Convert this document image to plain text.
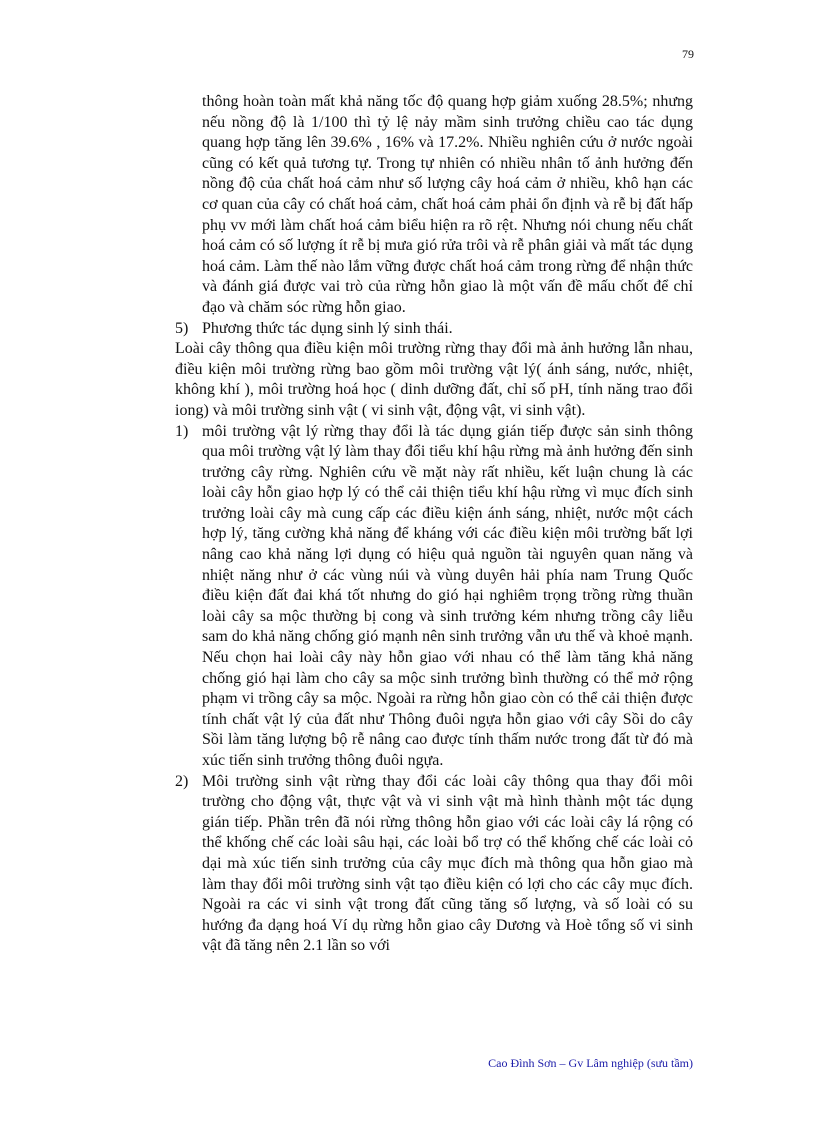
79

thông hoàn toàn mất khả năng tốc độ quang hợp giảm xuống 28.5%; nhưng nếu nồng độ là 1/100 thì tỷ lệ nảy mầm sinh trưởng chiều cao tác dụng quang hợp tăng lên 39.6% , 16% và 17.2%. Nhiều nghiên cứu ở nước ngoài cũng có kết quả tương tự. Trong tự nhiên có nhiều nhân tố ảnh hưởng đến nồng độ của chất hoá cảm như số lượng cây hoá cảm ở nhiều, khô hạn các cơ quan của cây có chất hoá cảm, chất hoá cảm phải ổn định và rễ bị đất hấp phụ vv mới làm chất hoá cảm biểu hiện ra rõ rệt. Nhưng nói chung nếu chất hoá cảm có số lượng ít rễ bị mưa gió rửa trôi và rễ phân giải và mất tác dụng hoá cảm. Làm thế nào lắm vững được chất hoá cảm trong rừng để nhận thức và đánh giá được vai trò của rừng hỗn giao là một vấn đề mấu chốt để chỉ đạo và chăm sóc rừng hỗn giao.

5) Phương thức tác dụng sinh lý sinh thái.

Loài cây thông qua điều kiện môi trường rừng thay đổi mà ảnh hưởng lẫn nhau, điều kiện môi trường rừng bao gồm môi trường vật lý( ánh sáng, nước, nhiệt, không khí ), môi trường hoá học ( dinh dưỡng đất, chỉ số pH, tính năng trao đổi iong) và môi trường sinh vật ( vi sinh vật, động vật, vi sinh vật).

1) môi trường vật lý rừng thay đổi là tác dụng gián tiếp được sản sinh thông qua môi trường vật lý làm thay đổi tiểu khí hậu rừng mà ảnh hưởng đến sinh trưởng cây rừng. Nghiên cứu về mặt này rất nhiều, kết luận chung là các loài cây hỗn giao hợp lý có thể cải thiện tiểu khí hậu rừng vì mục đích sinh trưởng loài cây mà cung cấp các điều kiện ánh sáng, nhiệt, nước một cách hợp lý, tăng cường khả năng để kháng với các điều kiện môi trường bất lợi nâng cao khả năng lợi dụng có hiệu quả nguồn tài nguyên quan năng và nhiệt năng như ở các vùng núi và vùng duyên hải phía nam Trung Quốc điều kiện đất đai khá tốt nhưng do gió hại nghiêm trọng trồng rừng thuần loài cây sa mộc thường bị cong và sinh trưởng kém nhưng trồng cây liễu sam do khả năng chống gió mạnh nên sinh trưởng vẫn ưu thế và khoẻ mạnh. Nếu chọn hai loài cây này hỗn giao với nhau có thể làm tăng khả năng chống gió hại làm cho cây sa mộc sinh trưởng bình thường có thể mở rộng phạm vi trồng cây sa mộc. Ngoài ra rừng hỗn giao còn có thể cải thiện được tính chất vật lý của đất như Thông đuôi ngựa hỗn giao với cây Sồi do cây Sồi làm tăng lượng bộ rễ nâng cao được tính thấm nước trong đất từ đó mà xúc tiến sinh trưởng thông đuôi ngựa.
2) Môi trường sinh vật rừng thay đổi các loài cây thông qua thay đổi môi trường cho động vật, thực vật và vi sinh vật mà hình thành một tác dụng gián tiếp. Phần trên đã nói rừng thông hỗn giao với các loài cây lá rộng có thể khống chế các loài sâu hại, các loài bổ trợ có thể khống chế các loài cỏ dại mà xúc tiến sinh trưởng của cây mục đích mà thông qua hỗn giao mà làm thay đổi môi trường sinh vật tạo điều kiện có lợi cho các cây mục đích. Ngoài ra các vi sinh vật trong đất cũng tăng số lượng, và số loài có su hướng đa dạng hoá Ví dụ rừng hỗn giao cây Dương và Hoè tổng số vi sinh vật đã tăng nên 2.1 lần so với
Cao Đình Sơn – Gv Lâm nghiệp (sưu tầm)
